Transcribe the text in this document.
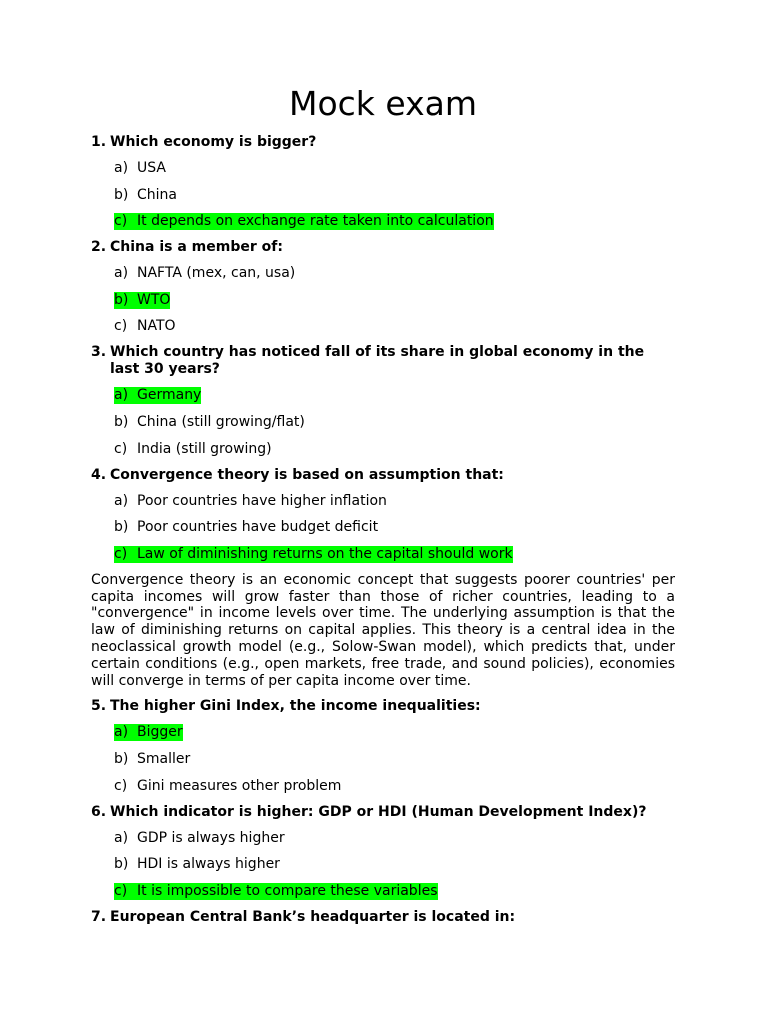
Mock exam
1. Which economy is bigger?
a) USA
b) China
c) It depends on exchange rate taken into calculation
2. China is a member of:
a) NAFTA (mex, can, usa)
b) WTO
c) NATO
3. Which country has noticed fall of its share in global economy in the last 30 years?
a) Germany
b) China (still growing/flat)
c) India (still growing)
4. Convergence theory is based on assumption that:
a) Poor countries have higher inflation
b) Poor countries have budget deficit
c) Law of diminishing returns on the capital should work

Convergence theory is an economic concept that suggests poorer countries' per capita incomes will grow faster than those of richer countries, leading to a "convergence" in income levels over time. The underlying assumption is that the law of diminishing returns on capital applies. This theory is a central idea in the neoclassical growth model (e.g., Solow-Swan model), which predicts that, under certain conditions (e.g., open markets, free trade, and sound policies), economies will converge in terms of per capita income over time.

5. The higher Gini Index, the income inequalities:
a) Bigger
b) Smaller
c) Gini measures other problem
6. Which indicator is higher: GDP or HDI (Human Development Index)?
a) GDP is always higher
b) HDI is always higher
c) It is impossible to compare these variables
7. European Central Bank’s headquarter is located in:
